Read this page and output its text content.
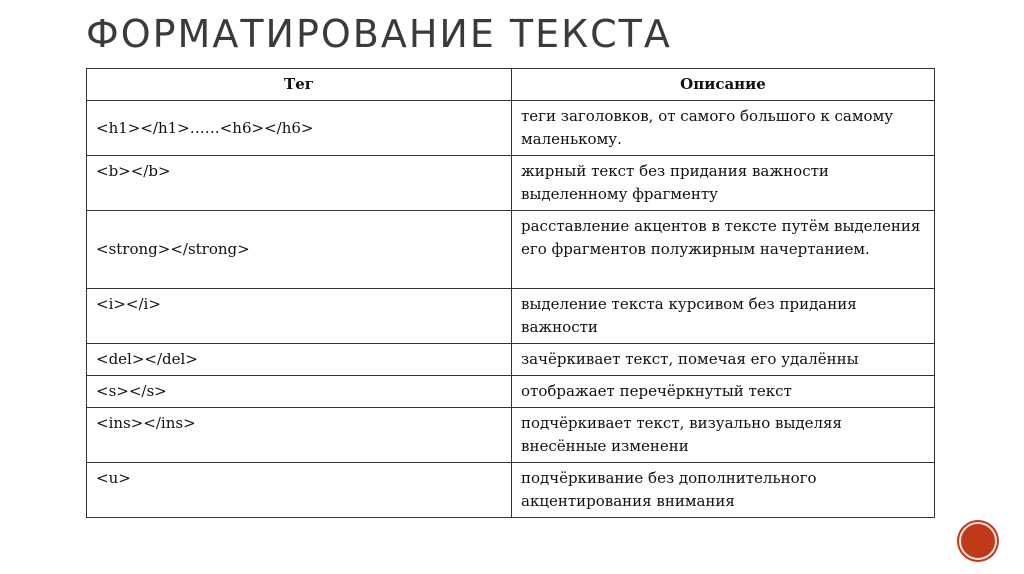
ФОРМАТИРОВАНИЕ ТЕКСТА
Тег	Описание
<h1></h1>……<h6></h6>	теги заголовков, от самого большого к самому маленькому.
<b></b>	жирный текст без придания важности выделенному фрагменту
<strong></strong>	расставление акцентов в тексте путём выделения его фрагментов полужирным начертанием.
<i></i>	выделение текста курсивом без придания важности
<del></del>	зачёркивает текст, помечая его удалённы
<s></s>	отображает перечёркнутый текст
<ins></ins>	подчёркивает текст, визуально выделяя внесённые изменени
<u>	подчёркивание без дополнительного акцентирования внимания
